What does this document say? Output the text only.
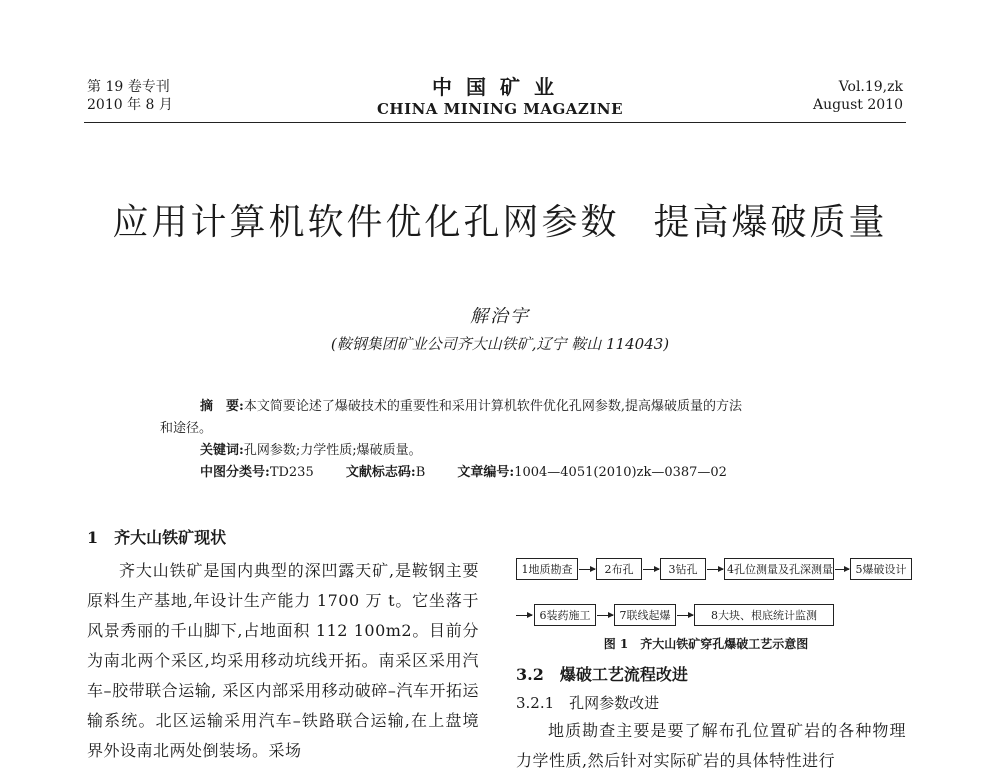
第 19 卷专刊
2010 年 8 月
中国矿业
CHINA MINING MAGAZINE
Vol.19,zk
August 2010
应用计算机软件优化孔网参数 提高爆破质量
解治宇
(鞍钢集团矿业公司齐大山铁矿,辽宁 鞍山 114043)
摘　要:本文简要论述了爆破技术的重要性和采用计算机软件优化孔网参数,提高爆破质量的方法
和途径。
关键词:孔网参数;力学性质;爆破质量。
中图分类号:TD235 文献标志码:B 文章编号:1004—4051(2010)zk—0387—02
1　齐大山铁矿现状

齐大山铁矿是国内典型的深凹露天矿,是鞍钢主要原料生产基地,年设计生产能力 1700 万 t。它坐落于风景秀丽的千山脚下,占地面积 112 100m2。目前分为南北两个采区,均采用移动坑线开拓。南采区采用汽车–胶带联合运输, 采区内部采用移动破碎–汽车开拓运输系统。北区运输采用汽车–铁路联合运输,在上盘境界外设南北两处倒装场。采场

1地质勘查	2布孔	3钻孔	4孔位测量及孔深测量	5爆破设计
6装药施工	7联线起爆	8大块、根底统计监测
图 1　齐大山铁矿穿孔爆破工艺示意图
3.2　爆破工艺流程改进
3.2.1　孔网参数改进

地质勘查主要是要了解布孔位置矿岩的各种物理力学性质,然后针对实际矿岩的具体特性进行
